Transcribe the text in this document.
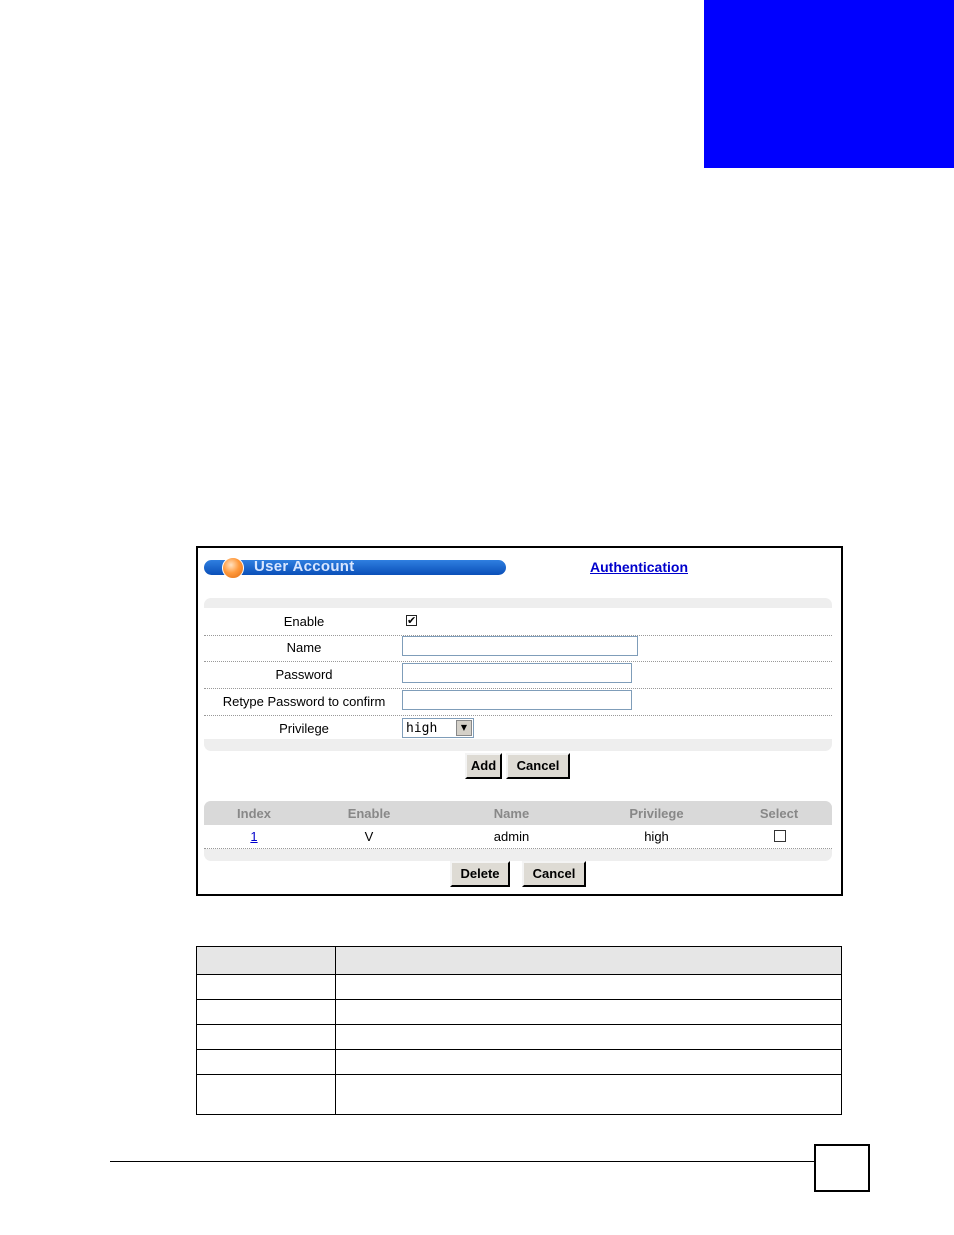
User Account	Authentication
Enable	✔
Name
Password
Retype Password to confirm
Privilege	high	▼
Add	Cancel
Index	Enable	Name	Privilege	Select
1	V	admin	high
Delete	Cancel
